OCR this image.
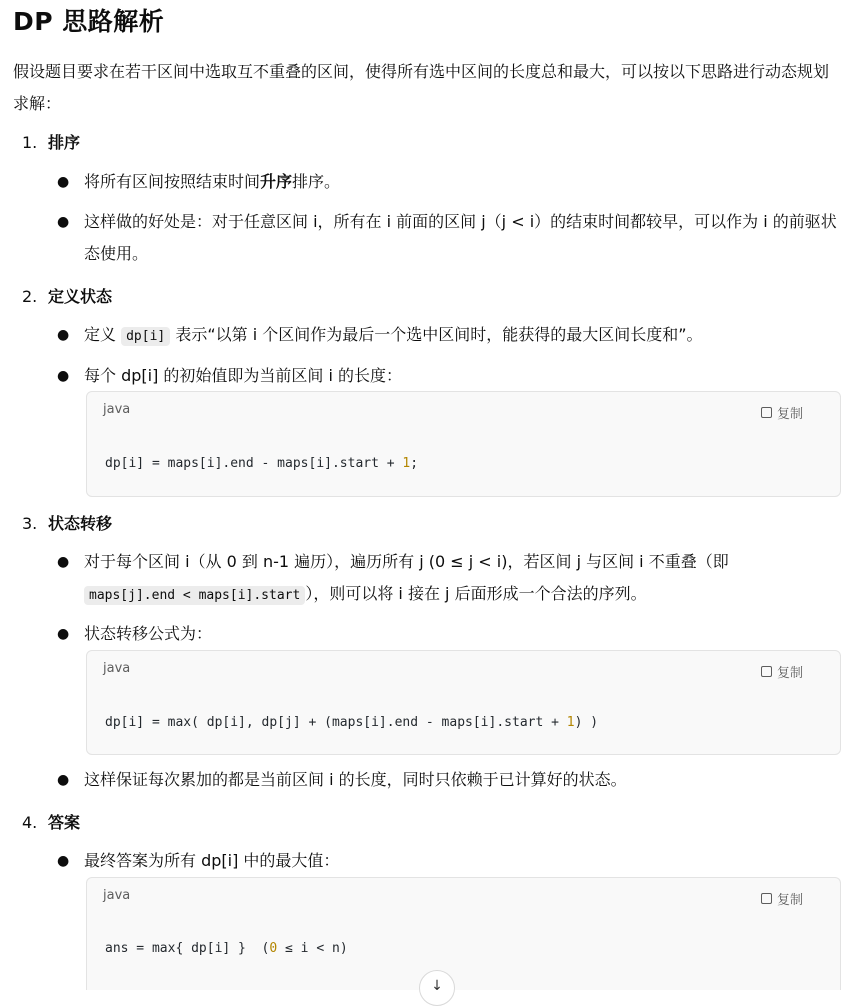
DP 思路解析
假设题目要求在若干区间中选取互不重叠的区间，使得所有选中区间的长度总和最大，可以按以下思路进行动态规划求解：
1. 排序
● 将所有区间按照结束时间升序排序。
● 这样做的好处是：对于任意区间 i，所有在 i 前面的区间 j（j < i）的结束时间都较早，可以作为 i 的前驱状态使用。
2. 定义状态
● 定义 dp[i] 表示“以第 i 个区间作为最后一个选中区间时，能获得的最大区间长度和”。
● 每个 dp[i] 的初始值即为当前区间 i 的长度：
java	复制
dp[i] = maps[i].end - maps[i].start + 1;
3. 状态转移
● 对于每个区间 i（从 0 到 n-1 遍历），遍历所有 j (0 ≤ j < i)，若区间 j 与区间 i 不重叠（即
maps[j].end < maps[i].start ），则可以将 i 接在 j 后面形成一个合法的序列。
● 状态转移公式为：
java	复制
dp[i] = max( dp[i], dp[j] + (maps[i].end - maps[i].start + 1) )
● 这样保证每次累加的都是当前区间 i 的长度，同时只依赖于已计算好的状态。
4. 答案
● 最终答案为所有 dp[i] 中的最大值：
java	复制
ans = max{ dp[i] }  (0 ≤ i < n)
↓
